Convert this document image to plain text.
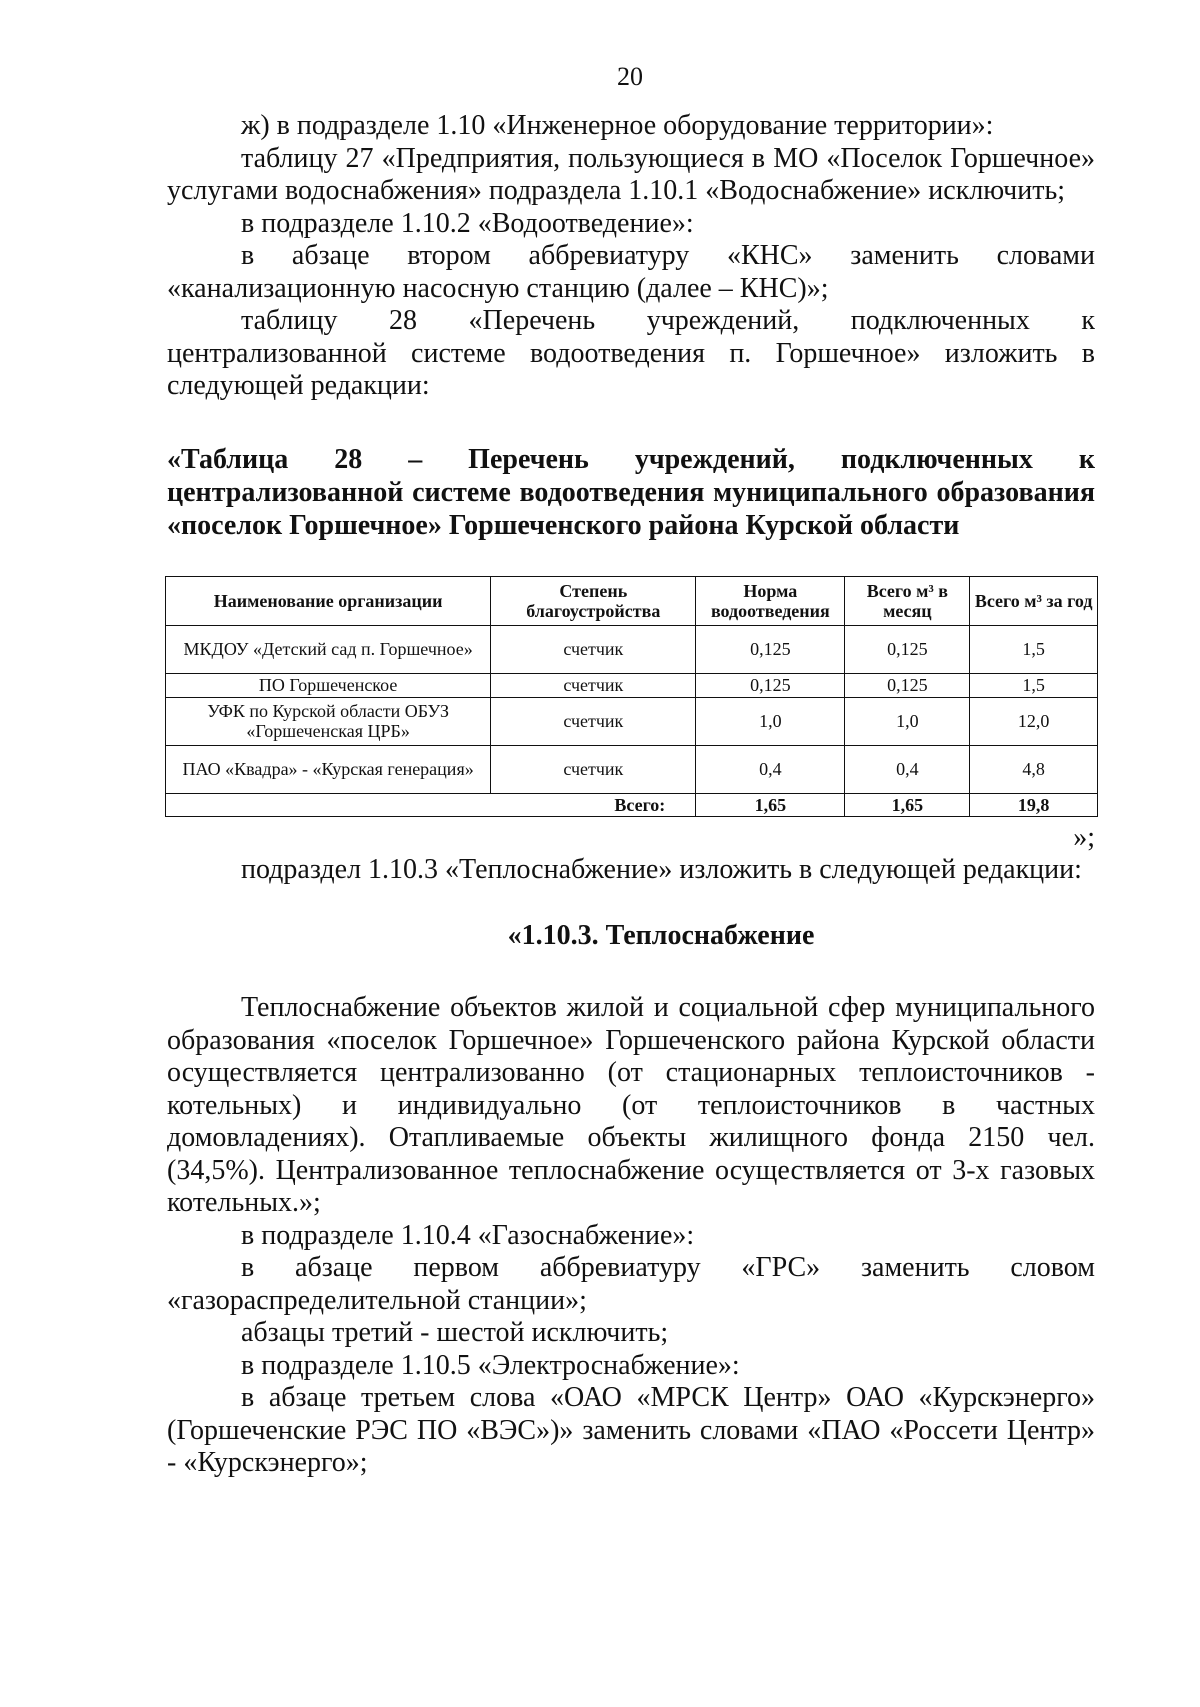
20

ж) в подразделе 1.10 «Инженерное оборудование территории»:

таблицу 27 «Предприятия, пользующиеся в МО «Поселок Горшечное» услугами водоснабжения» подраздела 1.10.1 «Водоснабжение» исключить;

в подразделе 1.10.2 «Водоотведение»:

в абзаце втором аббревиатуру «КНС» заменить словами «канализационную насосную станцию (далее – КНС)»;

таблицу 28 «Перечень учреждений, подключенных к централизованной системе водоотведения п. Горшечное» изложить в следующей редакции:

«Таблица 28 – Перечень учреждений, подключенных к централизованной системе водоотведения муниципального образования «поселок Горшечное» Горшеченского района Курской области

Наименование организации	Степень благоустройства	Норма водоотведения	Всего м³ в месяц	Всего м³ за год
МКДОУ «Детский сад п. Горшечное»	счетчик	0,125	0,125	1,5
ПО Горшеченское	счетчик	0,125	0,125	1,5
УФК по Курской области ОБУЗ «Горшеченская ЦРБ»	счетчик	1,0	1,0	12,0
ПАО «Квадра» - «Курская генерация»	счетчик	0,4	0,4	4,8
Всего:		1,65	1,65	19,8

»;

подраздел 1.10.3 «Теплоснабжение» изложить в следующей редакции:

«1.10.3. Теплоснабжение

Теплоснабжение объектов жилой и социальной сфер муниципального образования «поселок Горшечное» Горшеченского района Курской области осуществляется централизованно (от стационарных теплоисточников - котельных) и индивидуально (от теплоисточников в частных домовладениях). Отапливаемые объекты жилищного фонда 2150 чел. (34,5%). Централизованное теплоснабжение осуществляется от 3-х газовых котельных.»;

в подразделе 1.10.4 «Газоснабжение»:

в абзаце первом аббревиатуру «ГРС» заменить словом «газораспределительной станции»;

абзацы третий - шестой исключить;

в подразделе 1.10.5 «Электроснабжение»:

в абзаце третьем слова «ОАО «МРСК Центр» ОАО «Курскэнерго» (Горшеченские РЭС ПО «ВЭС»)» заменить словами «ПАО «Россети Центр» - «Курскэнерго»;
